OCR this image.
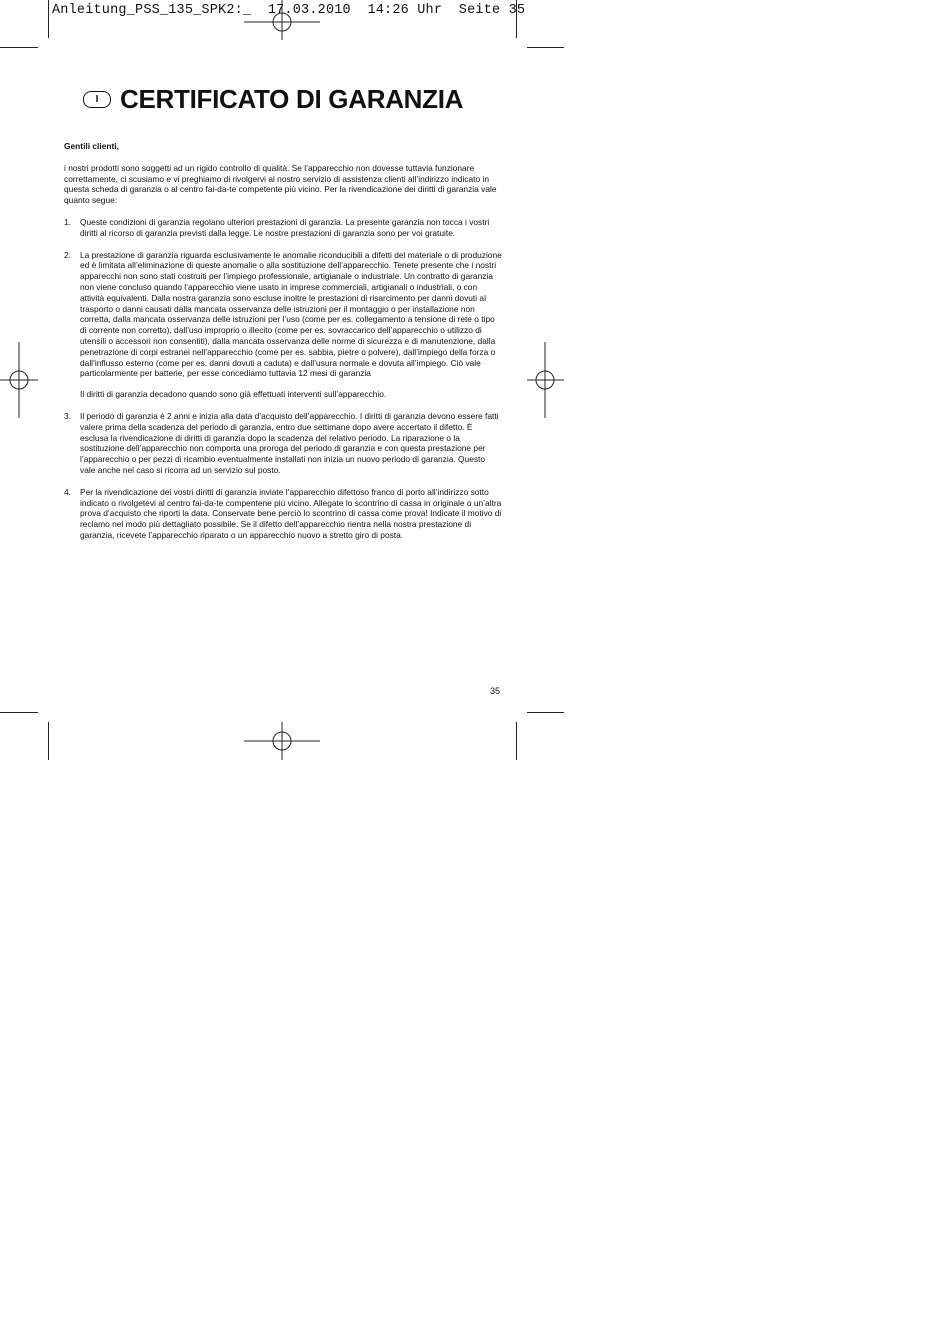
Anleitung_PSS_135_SPK2:_  17.03.2010  14:26 Uhr  Seite 35
I CERTIFICATO DI GARANZIA

Gentili clienti,

i nostri prodotti sono soggetti ad un rigido controllo di qualità. Se l’apparecchio non dovesse tuttavia funzionare correttamente, ci scusiamo e vi preghiamo di rivolgervi al nostro servizio di assistenza clienti all’indirizzo indicato in questa scheda di garanzia o al centro fai-da-te competente più vicino. Per la rivendicazione dei diritti di garanzia vale quanto segue:

1. Queste condizioni di garanzia regolano ulteriori prestazioni di garanzia. La presente garanzia non tocca i vostri diritti al ricorso di garanzia previsti dalla legge. Le nostre prestazioni di garanzia sono per voi gratuite.

2. La prestazione di garanzia riguarda esclusivamente le anomalie riconducibili a difetti del materiale o di produzione ed è limitata all’eliminazione di queste anomalie o alla sostituzione dell’apparecchio. Tenete presente che i nostri apparecchi non sono stati costruiti per l’impiego professionale, artigianale o industriale. Un contratto di garanzia non viene concluso quando l’apparecchio viene usato in imprese commerciali, artigianali o industriali, o con attività equivalenti. Dalla nostra garanzia sono escluse inoltre le prestazioni di risarcimento per danni dovuti al trasporto o danni causati dalla mancata osservanza delle istruzioni per il montaggio o per installazione non corretta, dalla mancata osservanza delle istruzioni per l’uso (come per es. collegamento a tensione di rete o tipo di corrente non corretto), dall’uso improprio o illecito (come per es. sovraccarico dell’apparecchio o utilizzo di utensili o accessori non consentiti), dalla mancata osservanza delle norme di sicurezza e di manutenzione, dalla penetrazione di corpi estranei nell’apparecchio (come per es. sabbia, pietre o polvere), dall’impiego della forza o dall’influsso esterno (come per es. danni dovuti a caduta) e dall’usura normale e dovuta all’impiego. Ciò vale particolarmente per batterie, per esse concediamo tuttavia 12 mesi di garanzia

Il diritti di garanzia decadono quando sono già effettuati interventi sull’apparecchio.

3. Il periodo di garanzia è 2 anni e inizia alla data d’acquisto dell’apparecchio. I diritti di garanzia devono essere fatti valere prima della scadenza del periodo di garanzia, entro due settimane dopo avere accertato il difetto. È esclusa la rivendicazione di diritti di garanzia dopo la scadenza del relativo periodo. La riparazione o la sostituzione dell’apparecchio non comporta una proroga del periodo di garanzia e con questa prestazione per l’apparecchio o per pezzi di ricambio eventualmente installati non inizia un nuovo periodo di garanzia. Questo vale anche nel caso si ricorra ad un servizio sul posto.

4. Per la rivendicazione dei vostri diritti di garanzia inviate l’apparecchio difettoso franco di porto all’indirizzo sotto indicato o rivolgetevi al centro fai-da-te compentene più vicino. Allegate lo scontrino di cassa in originale o un’altra prova d’acquisto che riporti la data. Conservate bene perciò lo scontrino di cassa come prova! Indicate il motivo di reclamo nel modo più dettagliato possibile. Se il difetto dell’apparecchio rientra nella nostra prestazione di garanzia, ricevete l’apparecchio riparato o un apparecchio nuovo a stretto giro di posta.

35
